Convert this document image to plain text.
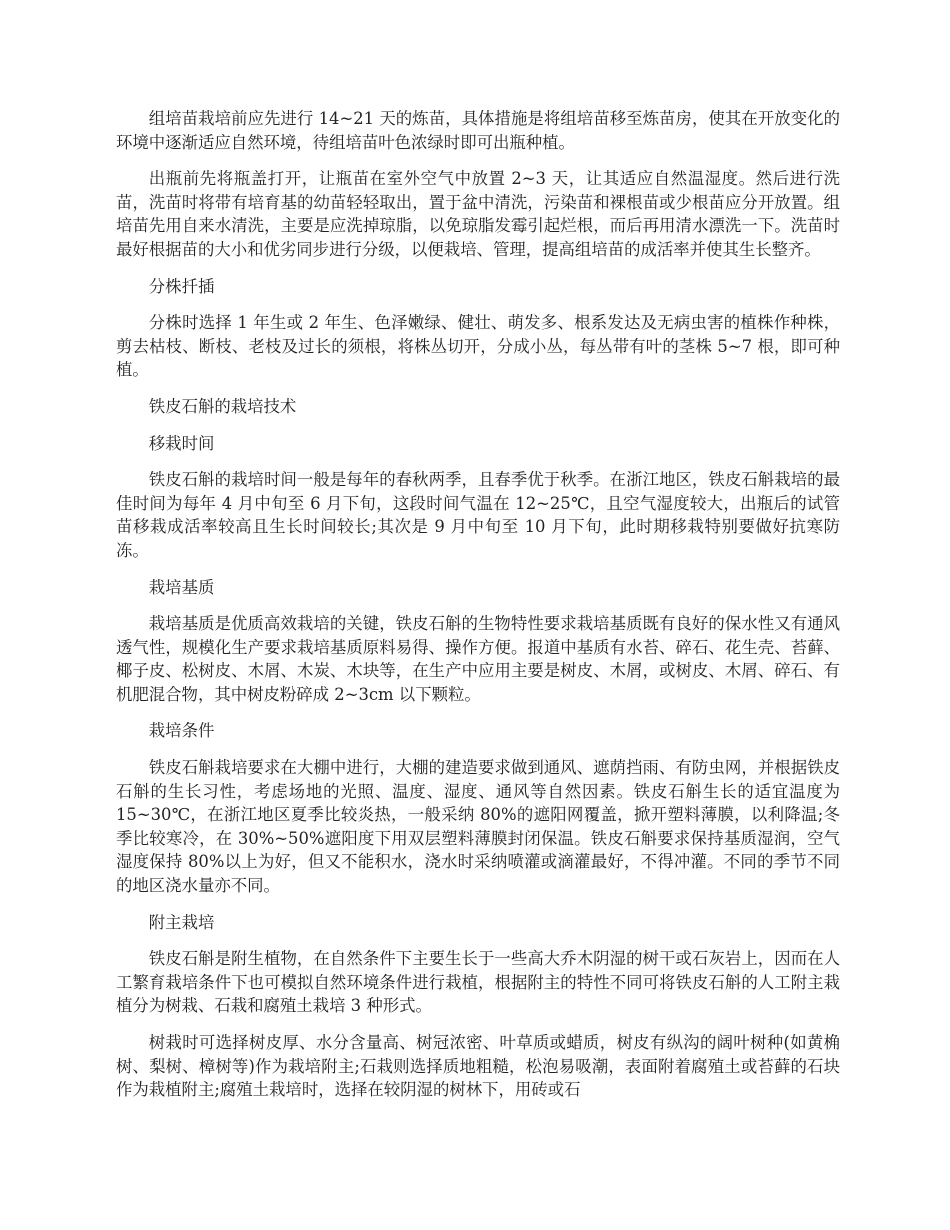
组培苗栽培前应先进行 14~21 天的炼苗，具体措施是将组培苗移至炼苗房，使其在开放变化的环境中逐渐适应自然环境，待组培苗叶色浓绿时即可出瓶种植。

出瓶前先将瓶盖打开，让瓶苗在室外空气中放置 2~3 天，让其适应自然温湿度。然后进行洗苗，洗苗时将带有培育基的幼苗轻轻取出，置于盆中清洗，污染苗和裸根苗或少根苗应分开放置。组培苗先用自来水清洗，主要是应洗掉琼脂，以免琼脂发霉引起烂根，而后再用清水漂洗一下。洗苗时最好根据苗的大小和优劣同步进行分级，以便栽培、管理，提高组培苗的成活率并使其生长整齐。

分株扦插

分株时选择 1 年生或 2 年生、色泽嫩绿、健壮、萌发多、根系发达及无病虫害的植株作种株，剪去枯枝、断枝、老枝及过长的须根，将株丛切开，分成小丛，每丛带有叶的茎株 5~7 根，即可种植。

铁皮石斛的栽培技术

移栽时间

铁皮石斛的栽培时间一般是每年的春秋两季，且春季优于秋季。在浙江地区，铁皮石斛栽培的最佳时间为每年 4 月中旬至 6 月下旬，这段时间气温在 12~25℃，且空气湿度较大，出瓶后的试管苗移栽成活率较高且生长时间较长;其次是 9 月中旬至 10 月下旬，此时期移栽特别要做好抗寒防冻。

栽培基质

栽培基质是优质高效栽培的关键，铁皮石斛的生物特性要求栽培基质既有良好的保水性又有通风透气性，规模化生产要求栽培基质原料易得、操作方便。报道中基质有水苔、碎石、花生壳、苔藓、椰子皮、松树皮、木屑、木炭、木块等，在生产中应用主要是树皮、木屑，或树皮、木屑、碎石、有机肥混合物，其中树皮粉碎成 2~3cm 以下颗粒。

栽培条件

铁皮石斛栽培要求在大棚中进行，大棚的建造要求做到通风、遮荫挡雨、有防虫网，并根据铁皮石斛的生长习性，考虑场地的光照、温度、湿度、通风等自然因素。铁皮石斛生长的适宜温度为 15~30℃，在浙江地区夏季比较炎热，一般采纳 80%的遮阳网覆盖，掀开塑料薄膜，以利降温;冬季比较寒冷，在 30%~50%遮阳度下用双层塑料薄膜封闭保温。铁皮石斛要求保持基质湿润，空气湿度保持 80%以上为好，但又不能积水，浇水时采纳喷灌或滴灌最好，不得冲灌。不同的季节不同的地区浇水量亦不同。

附主栽培

铁皮石斛是附生植物，在自然条件下主要生长于一些高大乔木阴湿的树干或石灰岩上，因而在人工繁育栽培条件下也可模拟自然环境条件进行栽植，根据附主的特性不同可将铁皮石斛的人工附主栽植分为树栽、石栽和腐殖土栽培 3 种形式。

树栽时可选择树皮厚、水分含量高、树冠浓密、叶草质或蜡质，树皮有纵沟的阔叶树种(如黄桷树、梨树、樟树等)作为栽培附主;石栽则选择质地粗糙，松泡易吸潮，表面附着腐殖土或苔藓的石块作为栽植附主;腐殖土栽培时，选择在较阴湿的树林下，用砖或石
